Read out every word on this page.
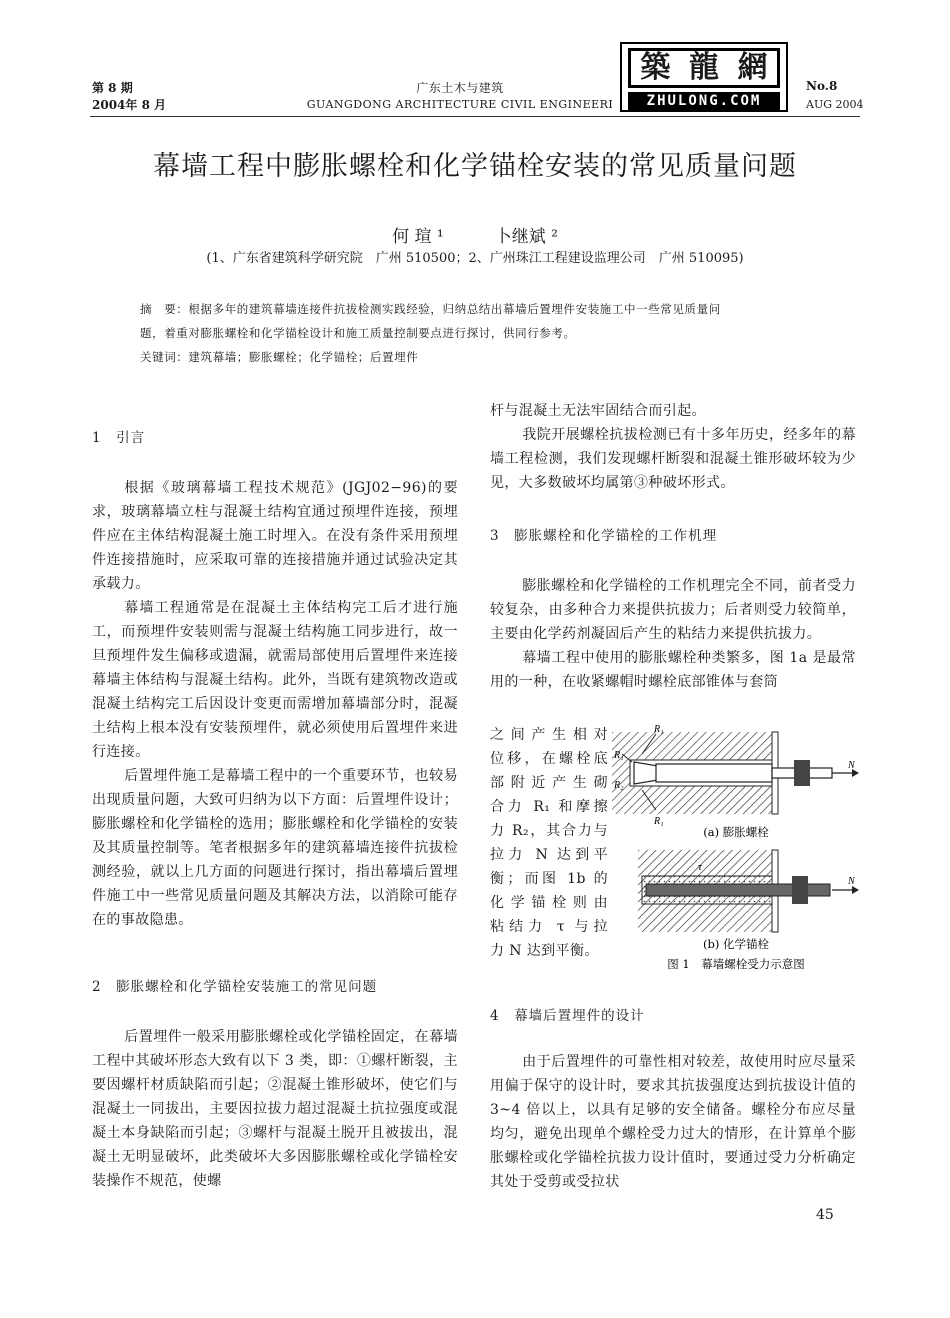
第 8 期
2004年 8 月
广东土木与建筑
GUANGDONG ARCHITECTURE CIVIL ENGINEERI
No.8
AUG 2004
築 龍 網
ZHULONG.COM
幕墙工程中膨胀螺栓和化学锚栓安装的常见质量问题
何 瑄 ¹　　　卜继斌 ²
(1、广东省建筑科学研究院　广州 510500；2、广州珠江工程建设监理公司　广州 510095)
摘　要：根据多年的建筑幕墙连接件抗拔检测实践经验，归纳总结出幕墙后置埋件安装施工中一些常见质量问
题，着重对膨胀螺栓和化学锚栓设计和施工质量控制要点进行探讨，供同行参考。
关键词：建筑幕墙；膨胀螺栓；化学锚栓；后置埋件
1　引言

根据《玻璃幕墙工程技术规范》(JGJ02−96)的要求，玻璃幕墙立柱与混凝土结构宜通过预埋件连接，预埋件应在主体结构混凝土施工时埋入。在没有条件采用预埋件连接措施时，应采取可靠的连接措施并通过试验决定其承载力。

幕墙工程通常是在混凝土主体结构完工后才进行施工，而预埋件安装则需与混凝土结构施工同步进行，故一旦预埋件发生偏移或遗漏，就需局部使用后置埋件来连接幕墙主体结构与混凝土结构。此外，当既有建筑物改造或混凝土结构完工后因设计变更而需增加幕墙部分时，混凝土结构上根本没有安装预埋件，就必须使用后置埋件来进行连接。

后置埋件施工是幕墙工程中的一个重要环节，也较易出现质量问题，大致可归纳为以下方面：后置埋件设计；膨胀螺栓和化学锚栓的选用；膨胀螺栓和化学锚栓的安装及其质量控制等。笔者根据多年的建筑幕墙连接件抗拔检测经验，就以上几方面的问题进行探讨，指出幕墙后置埋件施工中一些常见质量问题及其解决方法，以消除可能存在的事故隐患。

2　膨胀螺栓和化学锚栓安装施工的常见问题

后置埋件一般采用膨胀螺栓或化学锚栓固定，在幕墙工程中其破坏形态大致有以下 3 类，即：①螺杆断裂，主要因螺杆材质缺陷而引起；②混凝土锥形破坏，使它们与混凝土一同拔出，主要因拉拔力超过混凝土抗拉强度或混凝土本身缺陷而引起；③螺杆与混凝土脱开且被拔出，混凝土无明显破坏，此类破坏大多因膨胀螺栓或化学锚栓安装操作不规范，使螺

杆与混凝土无法牢固结合而引起。

我院开展螺栓抗拔检测已有十多年历史，经多年的幕墙工程检测，我们发现螺杆断裂和混凝土锥形破坏较为少见，大多数破坏均属第③种破坏形式。

3　膨胀螺栓和化学锚栓的工作机理

膨胀螺栓和化学锚栓的工作机理完全不同，前者受力较复杂，由多种合力来提供抗拔力；后者则受力较简单，主要由化学药剂凝固后产生的粘结力来提供抗拔力。

幕墙工程中使用的膨胀螺栓种类繁多，图 1a 是最常用的一种，在收紧螺帽时螺栓底部锥体与套筒

之间产生相对
位移，在螺栓底
部附近产生砌
合力 R₁ 和摩擦
力 R₂，其合力与
拉力 N 达到平
衡；而图 1b 的
化学锚栓则由
粘结力 τ 与拉
力 N 达到平衡。
R₁
R₁
R₂
R₁
N
(a) 膨胀螺栓
τ
N
(b) 化学锚栓
图 1　幕墙螺栓受力示意图
4　幕墙后置埋件的设计

由于后置埋件的可靠性相对较差，故使用时应尽量采用偏于保守的设计时，要求其抗拔强度达到抗拔设计值的 3~4 倍以上，以具有足够的安全储备。螺栓分布应尽量均匀，避免出现单个螺栓受力过大的情形，在计算单个膨胀螺栓或化学锚栓抗拔力设计值时，要通过受力分析确定其处于受剪或受拉状

45
